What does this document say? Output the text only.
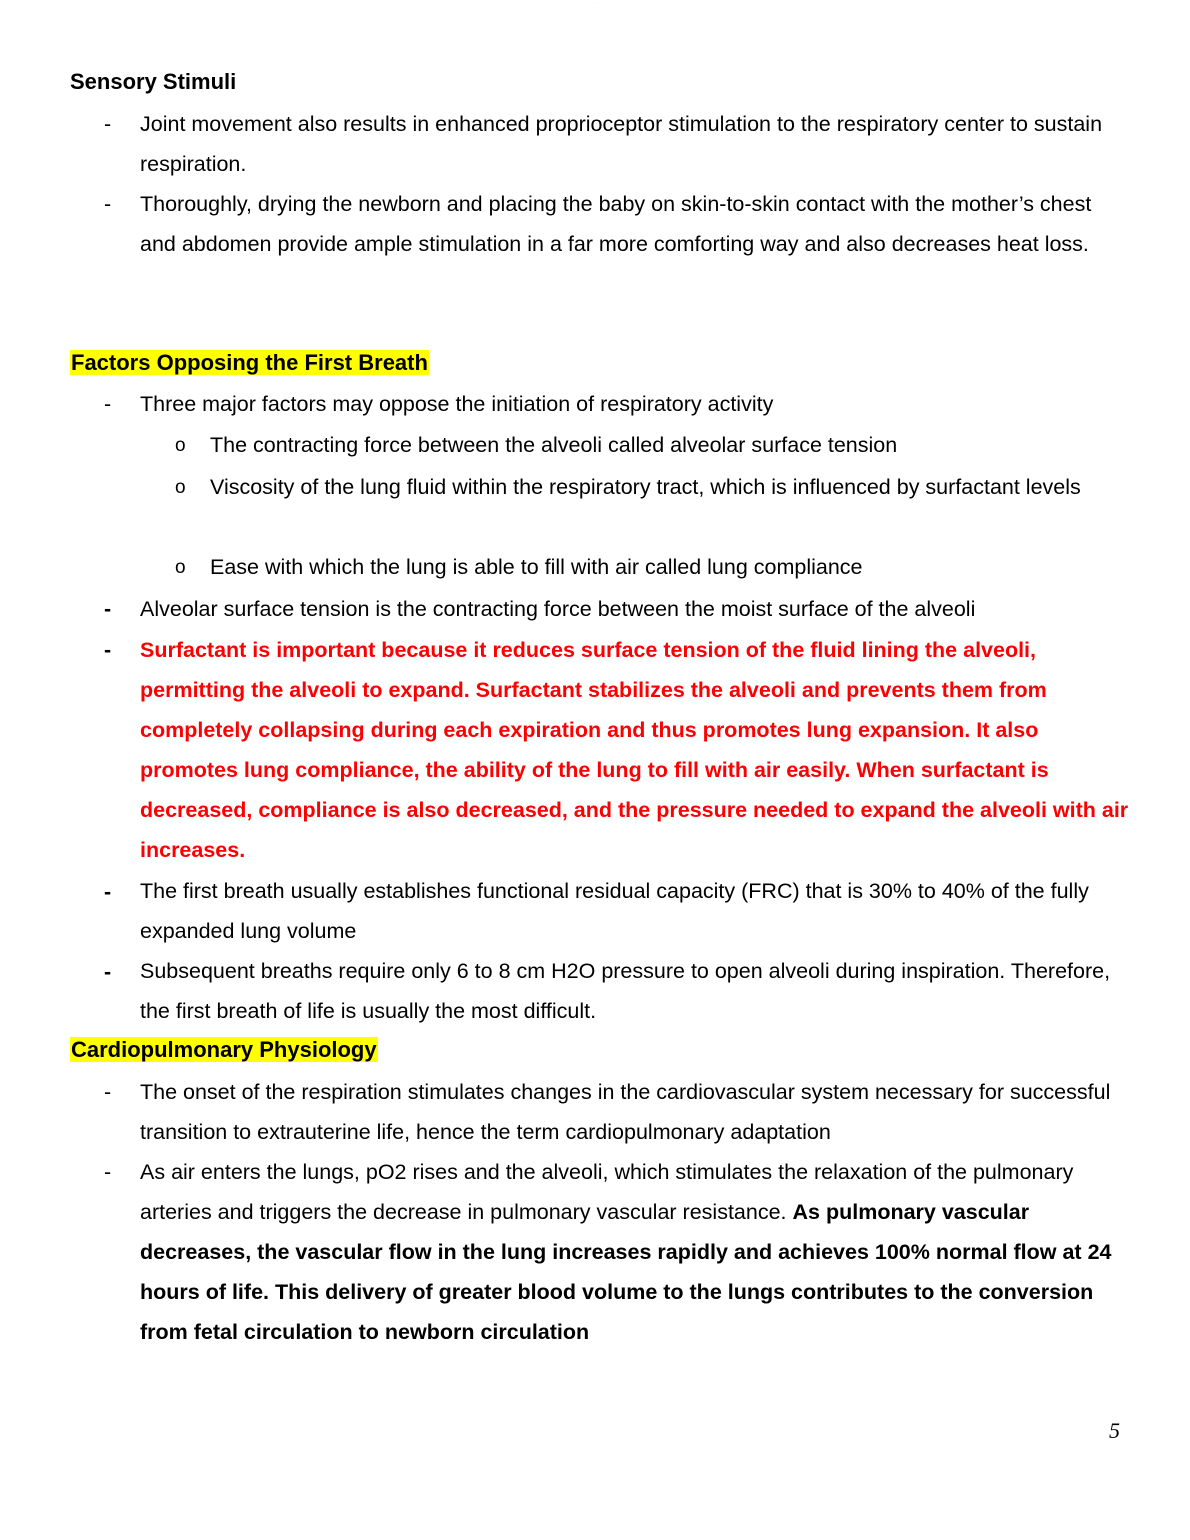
· · · · ·
Sensory Stimuli
-	Joint movement also results in enhanced proprioceptor stimulation to the respiratory center to sustain respiration.
-	Thoroughly, drying the newborn and placing the baby on skin-to-skin contact with the mother’s chest and abdomen provide ample stimulation in a far more comforting way and also decreases heat loss.
Factors Opposing the First Breath
-	Three major factors may oppose the initiation of respiratory activity
o The contracting force between the alveoli called alveolar surface tension
o Viscosity of the lung fluid within the respiratory tract, which is influenced by surfactant levels
o Ease with which the lung is able to fill with air called lung compliance
-	Alveolar surface tension is the contracting force between the moist surface of the alveoli
-	Surfactant is important because it reduces surface tension of the fluid lining the alveoli, permitting the alveoli to expand. Surfactant stabilizes the alveoli and prevents them from completely collapsing during each expiration and thus promotes lung expansion. It also promotes lung compliance, the ability of the lung to fill with air easily. When surfactant is decreased, compliance is also decreased, and the pressure needed to expand the alveoli with air increases.
-	The first breath usually establishes functional residual capacity (FRC) that is 30% to 40% of the fully expanded lung volume
-	Subsequent breaths require only 6 to 8 cm H2O pressure to open alveoli during inspiration. Therefore, the first breath of life is usually the most difficult.
Cardiopulmonary Physiology
-	The onset of the respiration stimulates changes in the cardiovascular system necessary for successful transition to extrauterine life, hence the term cardiopulmonary adaptation
-	As air enters the lungs, pO2 rises and the alveoli, which stimulates the relaxation of the pulmonary arteries and triggers the decrease in pulmonary vascular resistance. As pulmonary vascular decreases, the vascular flow in the lung increases rapidly and achieves 100% normal flow at 24 hours of life. This delivery of greater blood volume to the lungs contributes to the conversion from fetal circulation to newborn circulation
5
